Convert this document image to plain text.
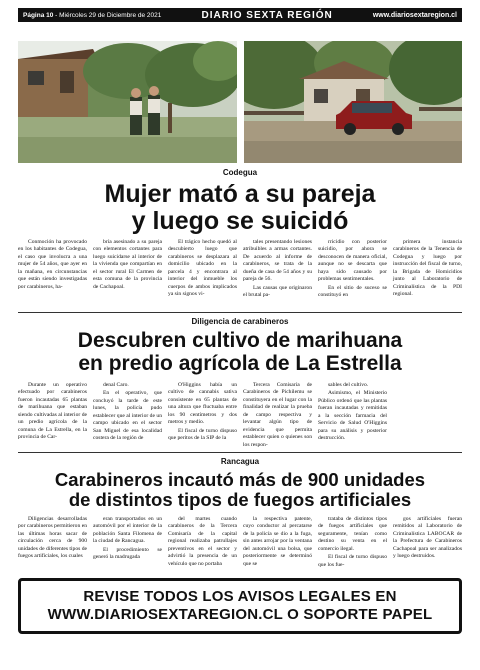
Página 10 - Miércoles 29 de Diciembre de 2021	DIARIO SEXTA REGIÓN	www.diariosextaregion.cl
Codegua
Mujer mató a su pareja
y luego se suicidó

Conmoción ha provocado en los habitantes de Codegua, el caso que involucra a una mujer de 54 años, que ayer en la mañana, en circunstancias que están siendo investigadas por carabineros, ha-

bría asesinado a su pareja con elementos cortantes para luego suicidarse al interior de la vivienda que compartían en el sector rural El Carmen de esta comuna de la provincia de Cachapoal.

El trágico hecho quedó al descubierto luego que carabineros se desplazara al domicilio ubicado en la parcela 4 y encontrara al interior del inmueble los cuerpos de ambos implicados ya sin signos vi-

tales presentando lesiones atribuibles a armas cortantes. De acuerdo al informe de carabineros, se trata de la dueña de casa de 54 años y su pareja de 56.

Las causas que originaron el brutal pa-

rricidio con posterior suicidio, por ahora se desconocen de manera oficial, aunque no se descarta que haya sido causado por problemas sentimentales.

En el sitio de suceso se constituyó en

primera instancia carabineros de la Tenencia de Codegua y luego por instrucción del fiscal de turno, la Brigada de Homicidios junto al Laboratorio de Criminalística de la PDI regional.

Diligencia de carabineros
Descubren cultivo de marihuana
en predio agrícola de La Estrella

Durante un operativo efectuado por carabineros fueron incautadas 65 plantas de marihuana que estaban siendo cultivadas al interior de un predio agrícola de la comuna de La Estrella, en la provincia de Car-

denal Caro.

En el operativo, que concluyó la tarde de este lunes, la policía pudo establecer que al interior de un campo ubicado en el sector San Miguel de esa localidad costera de la región de

O'Higgins había un cultivo de cannabis sativa consistente en 65 plantas de una altura que fluctuaba entre los 90 centímetros y dos metros y medio.

El fiscal de turno dispuso que peritos de la SIP de la

Tercera Comisaría de Carabineros de Pichilemu se constituyera en el lugar con la finalidad de realizar la prueba de campo respectiva y levantar algún tipo de evidencia que permita establecer quien o quienes son los respon-

sables del cultivo.

Asimismo, el Ministerio Público ordenó que las plantas fueran incautadas y remitidas a la sección farmacia del Servicio de Salud O'Higgins para su análisis y posterior destrucción.

Rancagua
Carabineros incautó más de 900 unidades
de distintos tipos de fuegos artificiales

Diligencias desarrolladas por carabineros permitieron en las últimas horas sacar de circulación cerca de 900 unidades de diferentes tipos de fuegos artificiales, los cuales

eran transportados en un automóvil por el interior de la población Santa Filomena de la ciudad de Rancagua.

El procedimiento se generó la madrugada

del martes cuando carabineros de la Tercera Comisaría de la capital regional realizaba patrullajes preventivos en el sector y advirtió la presencia de un vehículo que no portaba

la respectiva patente, cuyo conductor al percatarse de la policía se dio a la fuga, sin antes arrojar por la ventana del automóvil una bolsa, que posteriormente se determinó que se

trataba de distintos tipos de fuegos artificiales que seguramente, tenían como destino su venta en el comercio ilegal.

El fiscal de turno dispuso que los fue-

gos artificiales fueran remitidos al Laboratorio de Criminalística LABOCAR de la Prefectura de Carabineros Cachapoal para ser analizados y luego destruidos.

REVISE TODOS LOS AVISOS LEGALES EN
WWW.DIARIOSEXTAREGION.CL O SOPORTE PAPEL
